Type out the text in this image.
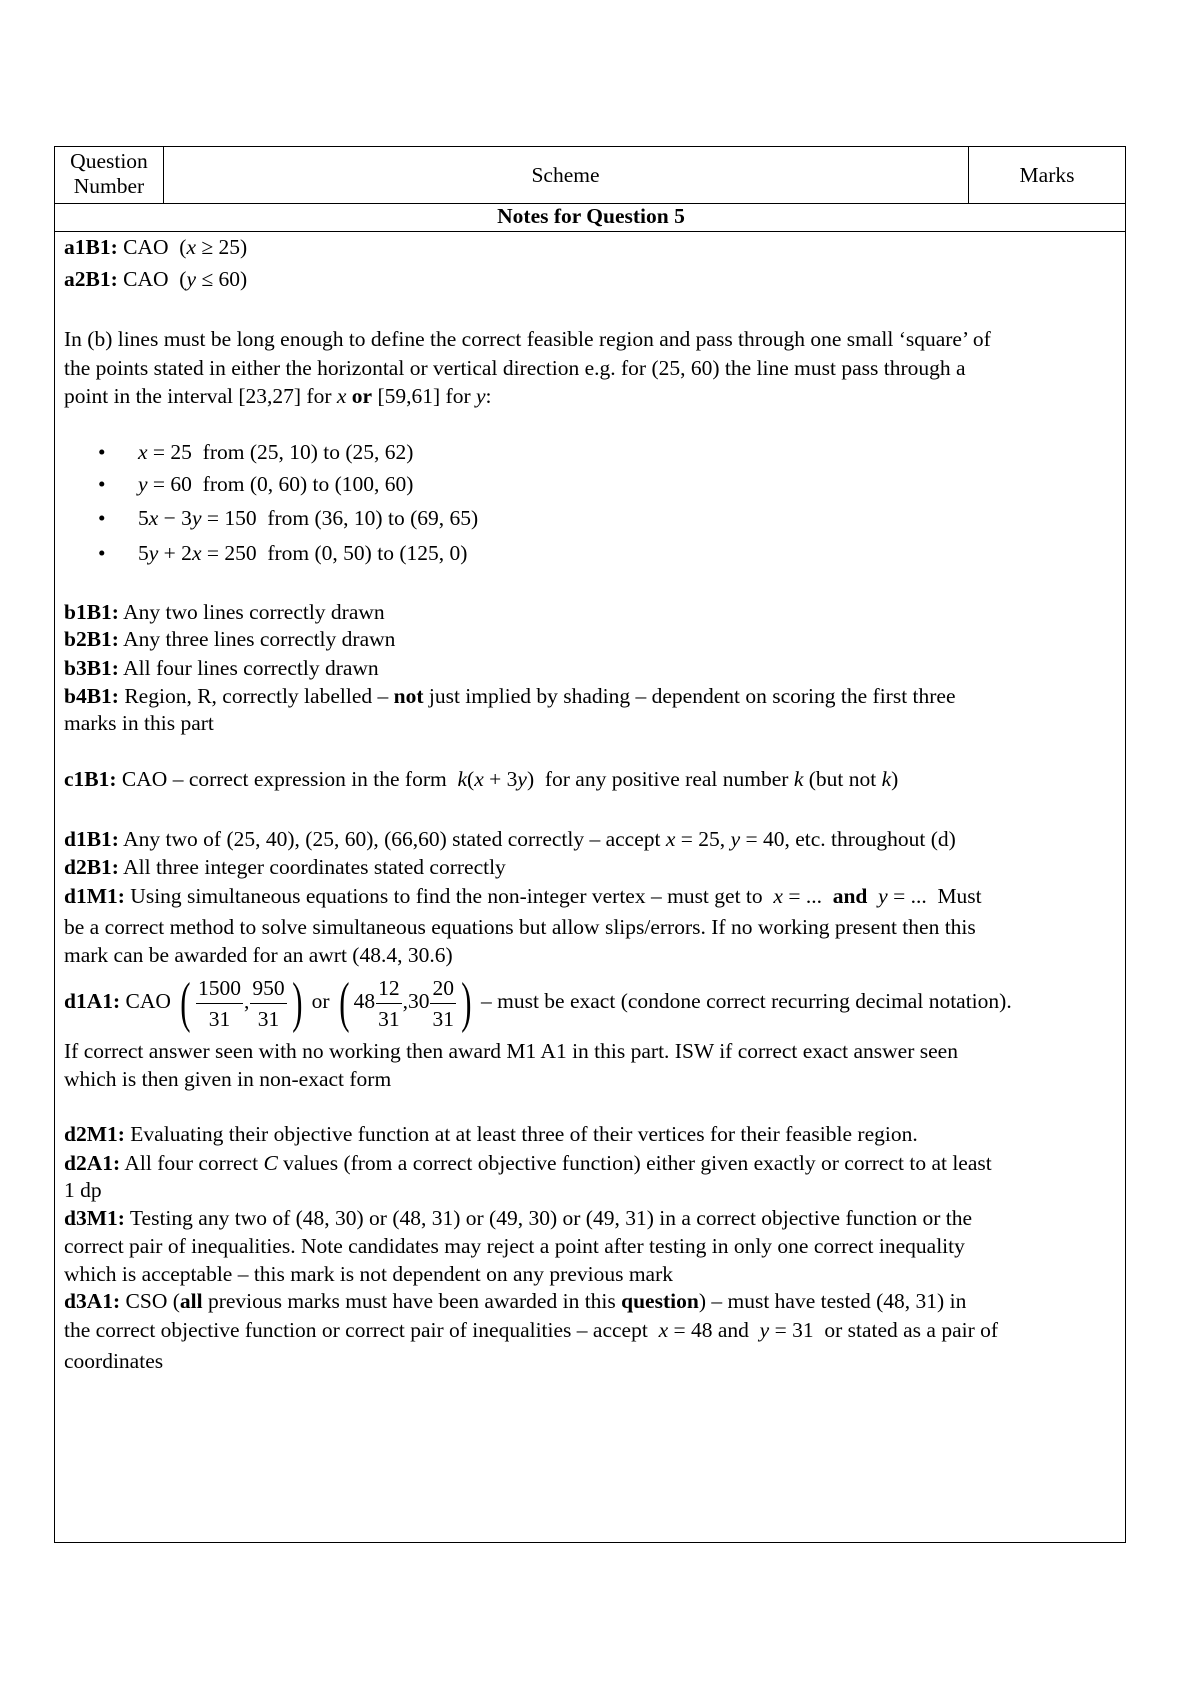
Question Number	Scheme	Marks
Notes for Question 5
a1B1: CAO  (x ≥ 25)
a2B1: CAO  (y ≤ 60)
In (b) lines must be long enough to define the correct feasible region and pass through one small ‘square’ of
the points stated in either the horizontal or vertical direction e.g. for (25, 60) the line must pass through a
point in the interval [23,27] for x or [59,61] for y:
• x = 25  from (25, 10) to (25, 62)
• y = 60  from (0, 60) to (100, 60)
• 5x − 3y = 150  from (36, 10) to (69, 65)
• 5y + 2x = 250  from (0, 50) to (125, 0)
b1B1: Any two lines correctly drawn
b2B1: Any three lines correctly drawn
b3B1: All four lines correctly drawn
b4B1: Region, R, correctly labelled – not just implied by shading – dependent on scoring the first three
marks in this part
c1B1: CAO – correct expression in the form  k(x + 3y)  for any positive real number k (but not k)
d1B1: Any two of (25, 40), (25, 60), (66,60) stated correctly – accept x = 25, y = 40, etc. throughout (d)
d2B1: All three integer coordinates stated correctly
d1M1: Using simultaneous equations to find the non-integer vertex – must get to  x = ...  and y = ...  Must
be a correct method to solve simultaneous equations but allow slips/errors. If no working present then this
mark can be awarded for an awrt (48.4, 30.6)
d1A1: CAO ( $\frac{1500}{31}$ , $\frac{950}{31}$ ) or ( $48 \frac{12}{31} ,30 \frac{20}{31}$ ) – must be exact (condone correct recurring decimal notation).
If correct answer seen with no working then award M1 A1 in this part. ISW if correct exact answer seen
which is then given in non-exact form
d2M1: Evaluating their objective function at at least three of their vertices for their feasible region.
d2A1: All four correct C values (from a correct objective function) either given exactly or correct to at least
1 dp
d3M1: Testing any two of (48, 30) or (48, 31) or (49, 30) or (49, 31) in a correct objective function or the
correct pair of inequalities. Note candidates may reject a point after testing in only one correct inequality
which is acceptable – this mark is not dependent on any previous mark
d3A1: CSO (all previous marks must have been awarded in this question) – must have tested (48, 31) in
the correct objective function or correct pair of inequalities – accept  x = 48 and  y = 31  or stated as a pair of
coordinates
